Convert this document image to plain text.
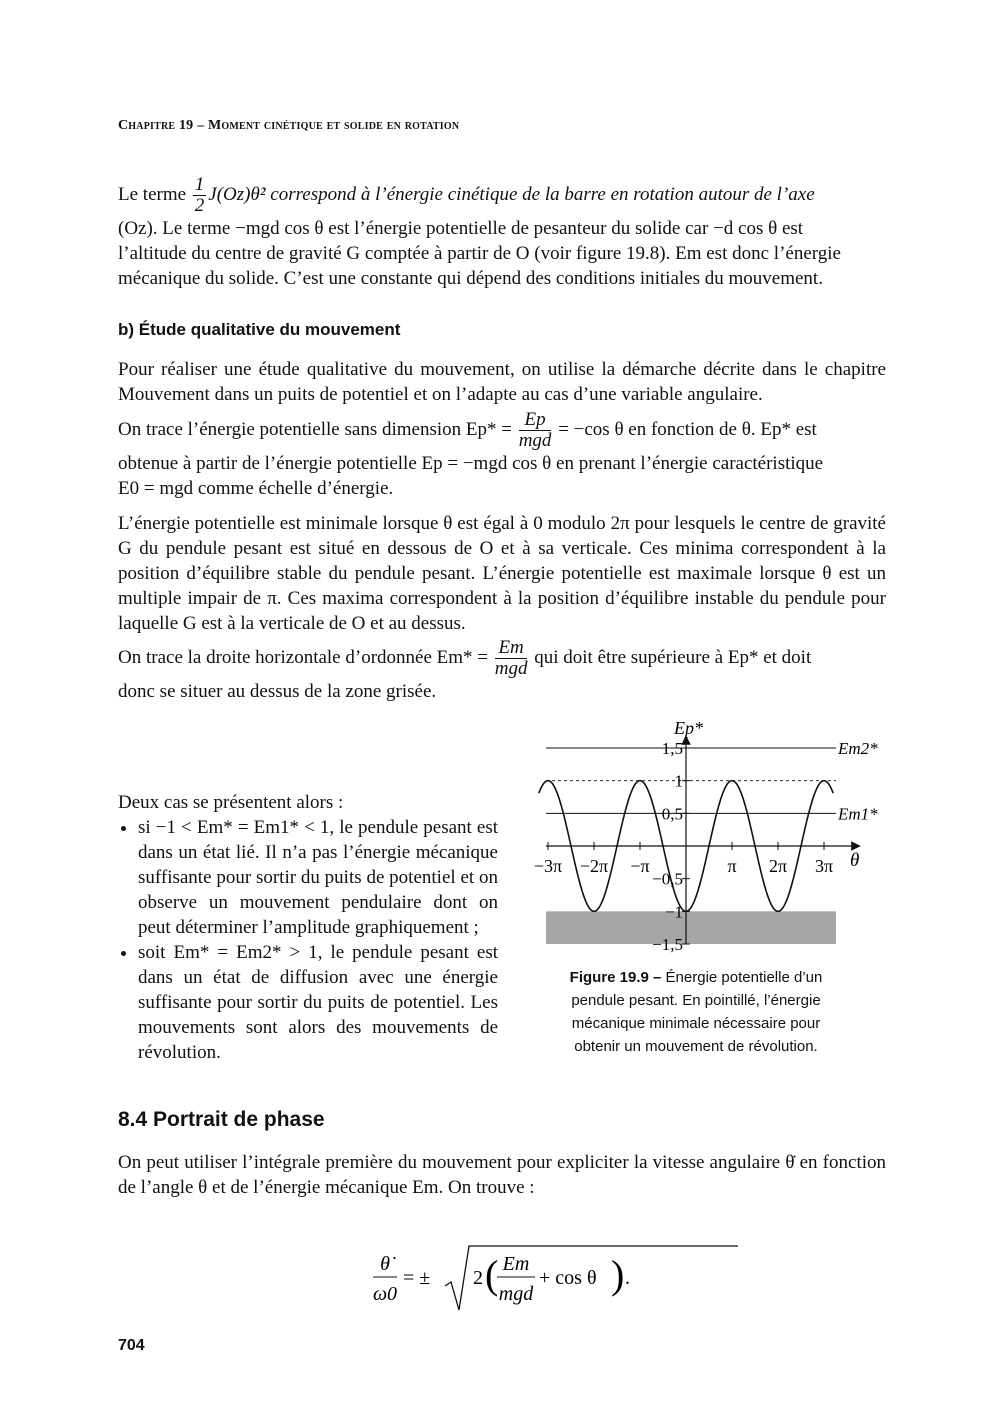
Chapitre 19 – Moment cinétique et solide en rotation
Le terme $\frac{1}{2}$ J(Oz)θ̇² correspond à l’énergie cinétique de la barre en rotation autour de l’axe
(Oz). Le terme −mgd cos θ est l’énergie potentielle de pesanteur du solide car −d cos θ est
l’altitude du centre de gravité G comptée à partir de O (voir figure 19.8). Em est donc l’énergie
mécanique du solide. C’est une constante qui dépend des conditions initiales du mouvement.
b) Étude qualitative du mouvement
Pour réaliser une étude qualitative du mouvement, on utilise la démarche décrite dans le chapitre Mouvement dans un puits de potentiel et on l’adapte au cas d’une variable angulaire.
On trace l’énergie potentielle sans dimension $Ep* = \frac{Ep}{\text{mgd}} = -\cos$ θ en fonction de θ. Ep* est
obtenue à partir de l’énergie potentielle Ep = −mgd cos θ en prenant l’énergie caractéristique
E0 = mgd comme échelle d’énergie.
L’énergie potentielle est minimale lorsque θ est égal à 0 modulo 2π pour lesquels le centre de gravité G du pendule pesant est situé en dessous de O et à sa verticale. Ces minima correspondent à la position d’équilibre stable du pendule pesant. L’énergie potentielle est maximale lorsque θ est un multiple impair de π. Ces maxima correspondent à la position d’équilibre instable du pendule pour laquelle G est à la verticale de O et au dessus.
On trace la droite horizontale d’ordonnée $Em* = \frac{Em}{\text{mgd}}$ qui doit être supérieure à Ep* et doit
donc se situer au dessus de la zone grisée.
Deux cas se présentent alors :
• si −1 < Em* = Em1* < 1, le pendule pesant est dans un état lié. Il n’a pas l’énergie mécanique suffisante pour sortir du puits de potentiel et on observe un mouvement pendulaire dont on peut déterminer l’amplitude graphiquement ;
• soit Em* = Em2* > 1, le pendule pesant est dans un état de diffusion avec une énergie suffisante pour sortir du puits de potentiel. Les mouvements sont alors des mouvements de révolution.
1,5
1
0,5
−0,5
−1
−1,5
−3π −2π −π	π 2π 3π
Ep*
θ
Em2*
Em1*
Figure 19.9 – Énergie potentielle d’un pendule pesant. En pointillé, l’énergie mécanique minimale nécessaire pour obtenir un mouvement de révolution.
8.4 Portrait de phase
On peut utiliser l’intégrale première du mouvement pour expliciter la vitesse angulaire θ̇ en fonction de l’angle θ et de l’énergie mécanique Em. On trouve :
θ̇
ω0
= ± 2 ( Em
mgd
+ cos θ ) .
704
